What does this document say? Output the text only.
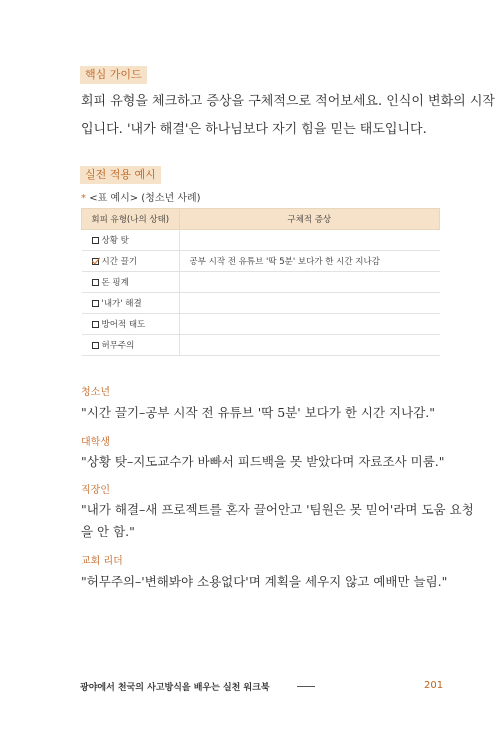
핵심 가이드
회피 유형을 체크하고 증상을 구체적으로 적어보세요. 인식이 변화의 시작
입니다. '내가 해결'은 하나님보다 자기 힘을 믿는 태도입니다.
실전 적용 예시
* <표 예시> (청소년 사례)
회피 유형(나의 상태)	구체적 증상
상황 탓	
시간 끌기	공부 시작 전 유튜브 '딱 5분' 보다가 한 시간 지나감
돈 핑계	
'내가' 해결	
방어적 태도	
허무주의	
청소년
"시간 끌기–공부 시작 전 유튜브 '딱 5분' 보다가 한 시간 지나감."
대학생
"상황 탓–지도교수가 바빠서 피드백을 못 받았다며 자료조사 미룸."
직장인
"내가 해결–새 프로젝트를 혼자 끌어안고 '팀원은 못 믿어'라며 도움 요청
을 안 함."
교회 리더
"허무주의–'변해봐야 소용없다'며 계획을 세우지 않고 예배만 늘림."
광야에서 천국의 사고방식을 배우는 실천 워크북	201
